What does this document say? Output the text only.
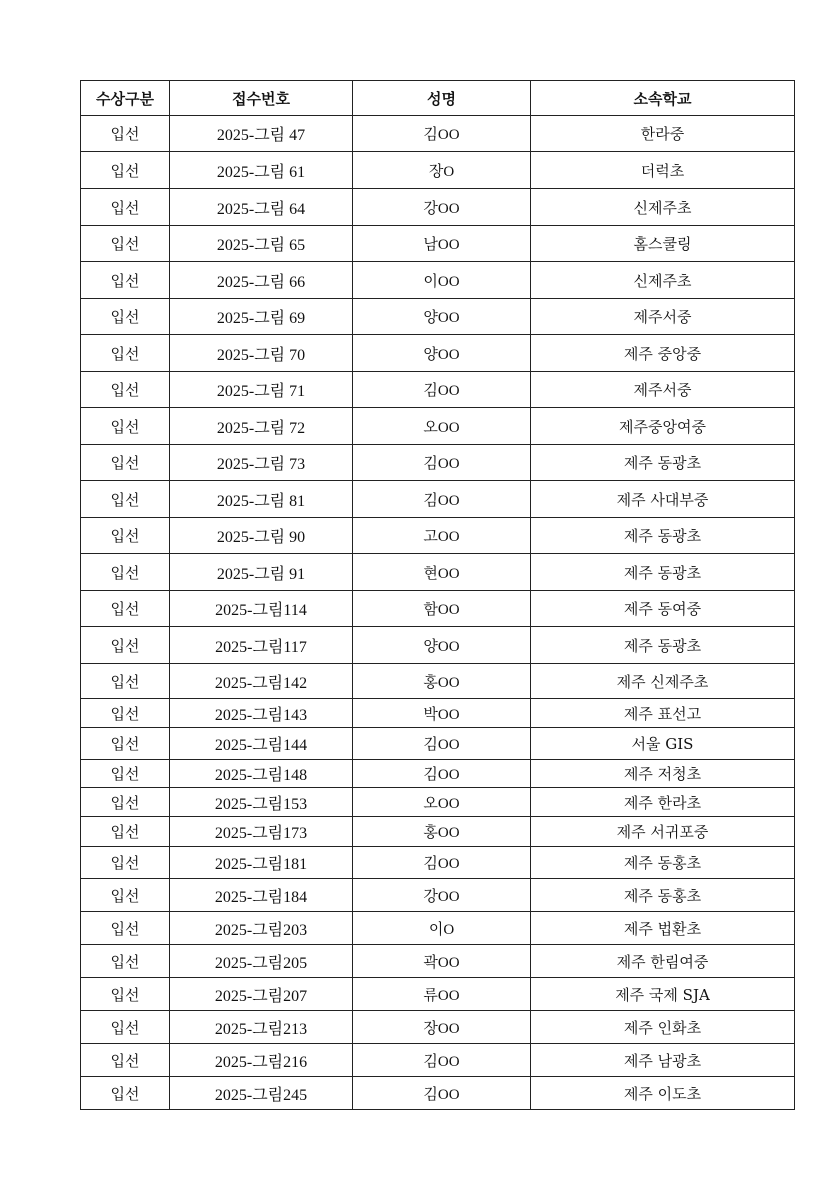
수상구분	접수번호	성명	소속학교
입선	2025-그림 47	김OO	한라중
입선	2025-그림 61	장O	더럭초
입선	2025-그림 64	강OO	신제주초
입선	2025-그림 65	남OO	홈스쿨링
입선	2025-그림 66	이OO	신제주초
입선	2025-그림 69	양OO	제주서중
입선	2025-그림 70	양OO	제주 중앙중
입선	2025-그림 71	김OO	제주서중
입선	2025-그림 72	오OO	제주중앙여중
입선	2025-그림 73	김OO	제주 동광초
입선	2025-그림 81	김OO	제주 사대부중
입선	2025-그림 90	고OO	제주 동광초
입선	2025-그림 91	현OO	제주 동광초
입선	2025-그림114	함OO	제주 동여중
입선	2025-그림117	양OO	제주 동광초
입선	2025-그림142	홍OO	제주 신제주초
입선	2025-그림143	박OO	제주 표선고
입선	2025-그림144	김OO	서울 GIS
입선	2025-그림148	김OO	제주 저청초
입선	2025-그림153	오OO	제주 한라초
입선	2025-그림173	홍OO	제주 서귀포중
입선	2025-그림181	김OO	제주 동홍초
입선	2025-그림184	강OO	제주 동홍초
입선	2025-그림203	이O	제주 법환초
입선	2025-그림205	곽OO	제주 한림여중
입선	2025-그림207	류OO	제주 국제 SJA
입선	2025-그림213	장OO	제주 인화초
입선	2025-그림216	김OO	제주 남광초
입선	2025-그림245	김OO	제주 이도초
